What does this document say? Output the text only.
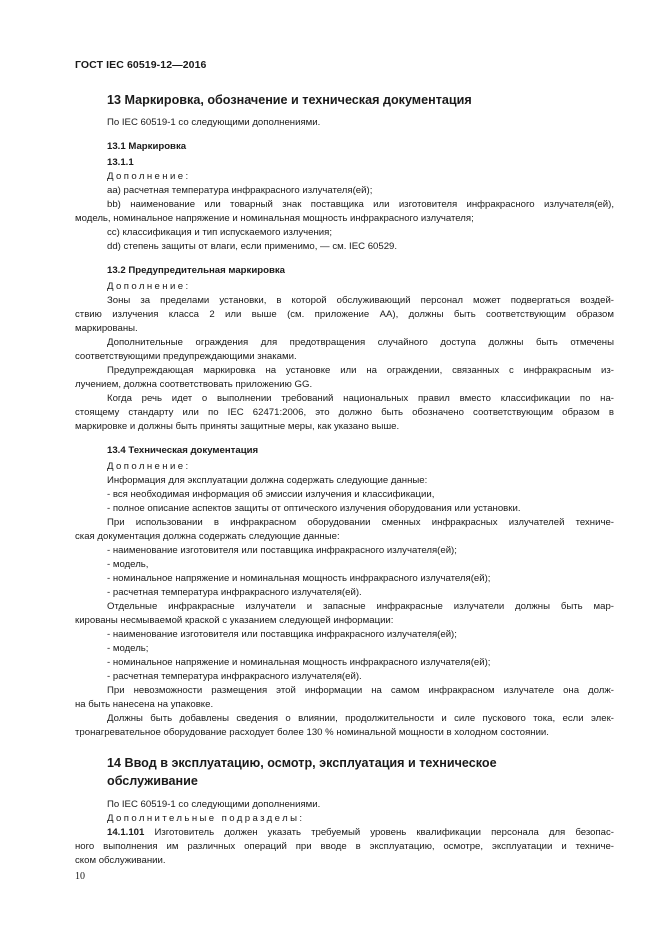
ГОСТ IEC 60519-12—2016
13 Маркировка, обозначение и техническая документация
По IEC 60519-1 со следующими дополнениями.
13.1 Маркировка
13.1.1
Дополнение:
аа) расчетная температура инфракрасного излучателя(ей);
bb) наименование или товарный знак поставщика или изготовителя инфракрасного излучателя(ей),
модель, номинальное напряжение и номинальная мощность инфракрасного излучателя;
сс) классификация и тип испускаемого излучения;
dd) степень защиты от влаги, если применимо, — см. IEC 60529.
13.2 Предупредительная маркировка
Дополнение:
Зоны за пределами установки, в которой обслуживающий персонал может подвергаться воздей-
ствию излучения класса 2 или выше (см. приложение АА), должны быть соответствующим образом
маркированы.
Дополнительные ограждения для предотвращения случайного доступа должны быть отмечены
соответствующими предупреждающими знаками.
Предупреждающая маркировка на установке или на ограждении, связанных с инфракрасным из-
лучением, должна соответствовать приложению GG.
Когда речь идет о выполнении требований национальных правил вместо классификации по на-
стоящему стандарту или по IEC 62471:2006, это должно быть обозначено соответствующим образом в
маркировке и должны быть приняты защитные меры, как указано выше.
13.4 Техническая документация
Дополнение:
Информация для эксплуатации должна содержать следующие данные:
- вся необходимая информация об эмиссии излучения и классификации,
- полное описание аспектов защиты от оптического излучения оборудования или установки.
При использовании в инфракрасном оборудовании сменных инфракрасных излучателей техниче-
ская документация должна содержать следующие данные:
- наименование изготовителя или поставщика инфракрасного излучателя(ей);
- модель,
- номинальное напряжение и номинальная мощность инфракрасного излучателя(ей);
- расчетная температура инфракрасного излучателя(ей).
Отдельные инфракрасные излучатели и запасные инфракрасные излучатели должны быть мар-
кированы несмываемой краской с указанием следующей информации:
- наименование изготовителя или поставщика инфракрасного излучателя(ей);
- модель;
- номинальное напряжение и номинальная мощность инфракрасного излучателя(ей);
- расчетная температура инфракрасного излучателя(ей).
При невозможности размещения этой информации на самом инфракрасном излучателе она долж-
на быть нанесена на упаковке.
Должны быть добавлены сведения о влиянии, продолжительности и силе пускового тока, если элек-
тронагревательное оборудование расходует более 130 % номинальной мощности в холодном состоянии.
14 Ввод в эксплуатацию, осмотр, эксплуатация и техническое
обслуживание
По IEC 60519-1 со следующими дополнениями.
Дополнительные подразделы:
14.1.101 Изготовитель должен указать требуемый уровень квалификации персонала для безопас-
ного выполнения им различных операций при вводе в эксплуатацию, осмотре, эксплуатации и техниче-
ском обслуживании.
10
